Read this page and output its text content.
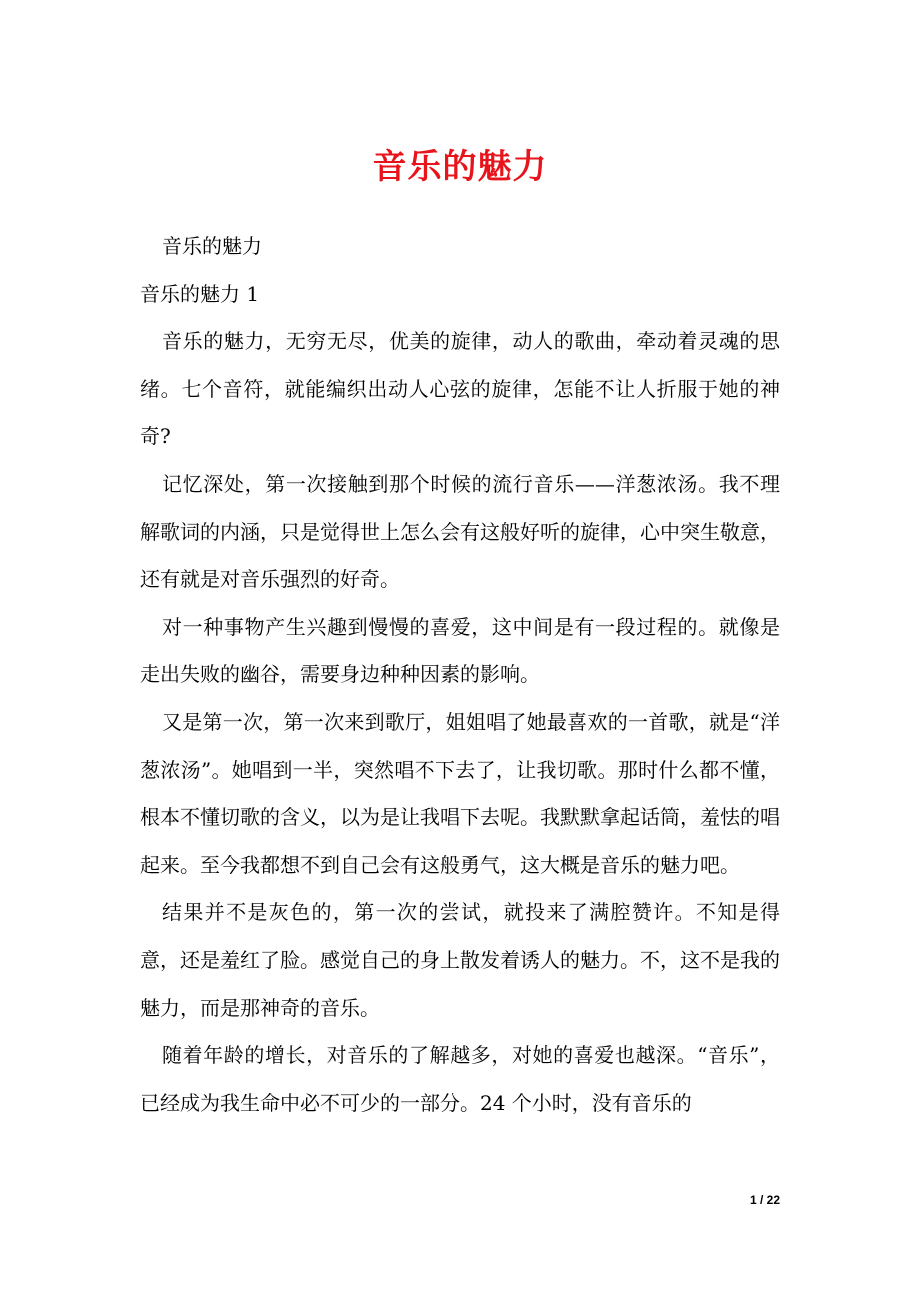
音乐的魅力

音乐的魅力

音乐的魅力 1

音乐的魅力，无穷无尽，优美的旋律，动人的歌曲，牵动着灵魂的思绪。七个音符，就能编织出动人心弦的旋律，怎能不让人折服于她的神奇?

记忆深处，第一次接触到那个时候的流行音乐——洋葱浓汤。我不理解歌词的内涵，只是觉得世上怎么会有这般好听的旋律，心中突生敬意，还有就是对音乐强烈的好奇。

对一种事物产生兴趣到慢慢的喜爱，这中间是有一段过程的。就像是走出失败的幽谷，需要身边种种因素的影响。

又是第一次，第一次来到歌厅，姐姐唱了她最喜欢的一首歌，就是“洋葱浓汤”。她唱到一半，突然唱不下去了，让我切歌。那时什么都不懂，根本不懂切歌的含义，以为是让我唱下去呢。我默默拿起话筒，羞怯的唱起来。至今我都想不到自己会有这般勇气，这大概是音乐的魅力吧。

结果并不是灰色的，第一次的尝试，就投来了满腔赞许。不知是得意，还是羞红了脸。感觉自己的身上散发着诱人的魅力。不，这不是我的魅力，而是那神奇的音乐。

随着年龄的增长，对音乐的了解越多，对她的喜爱也越深。“音乐”，已经成为我生命中必不可少的一部分。24 个小时，没有音乐的

1 / 22
